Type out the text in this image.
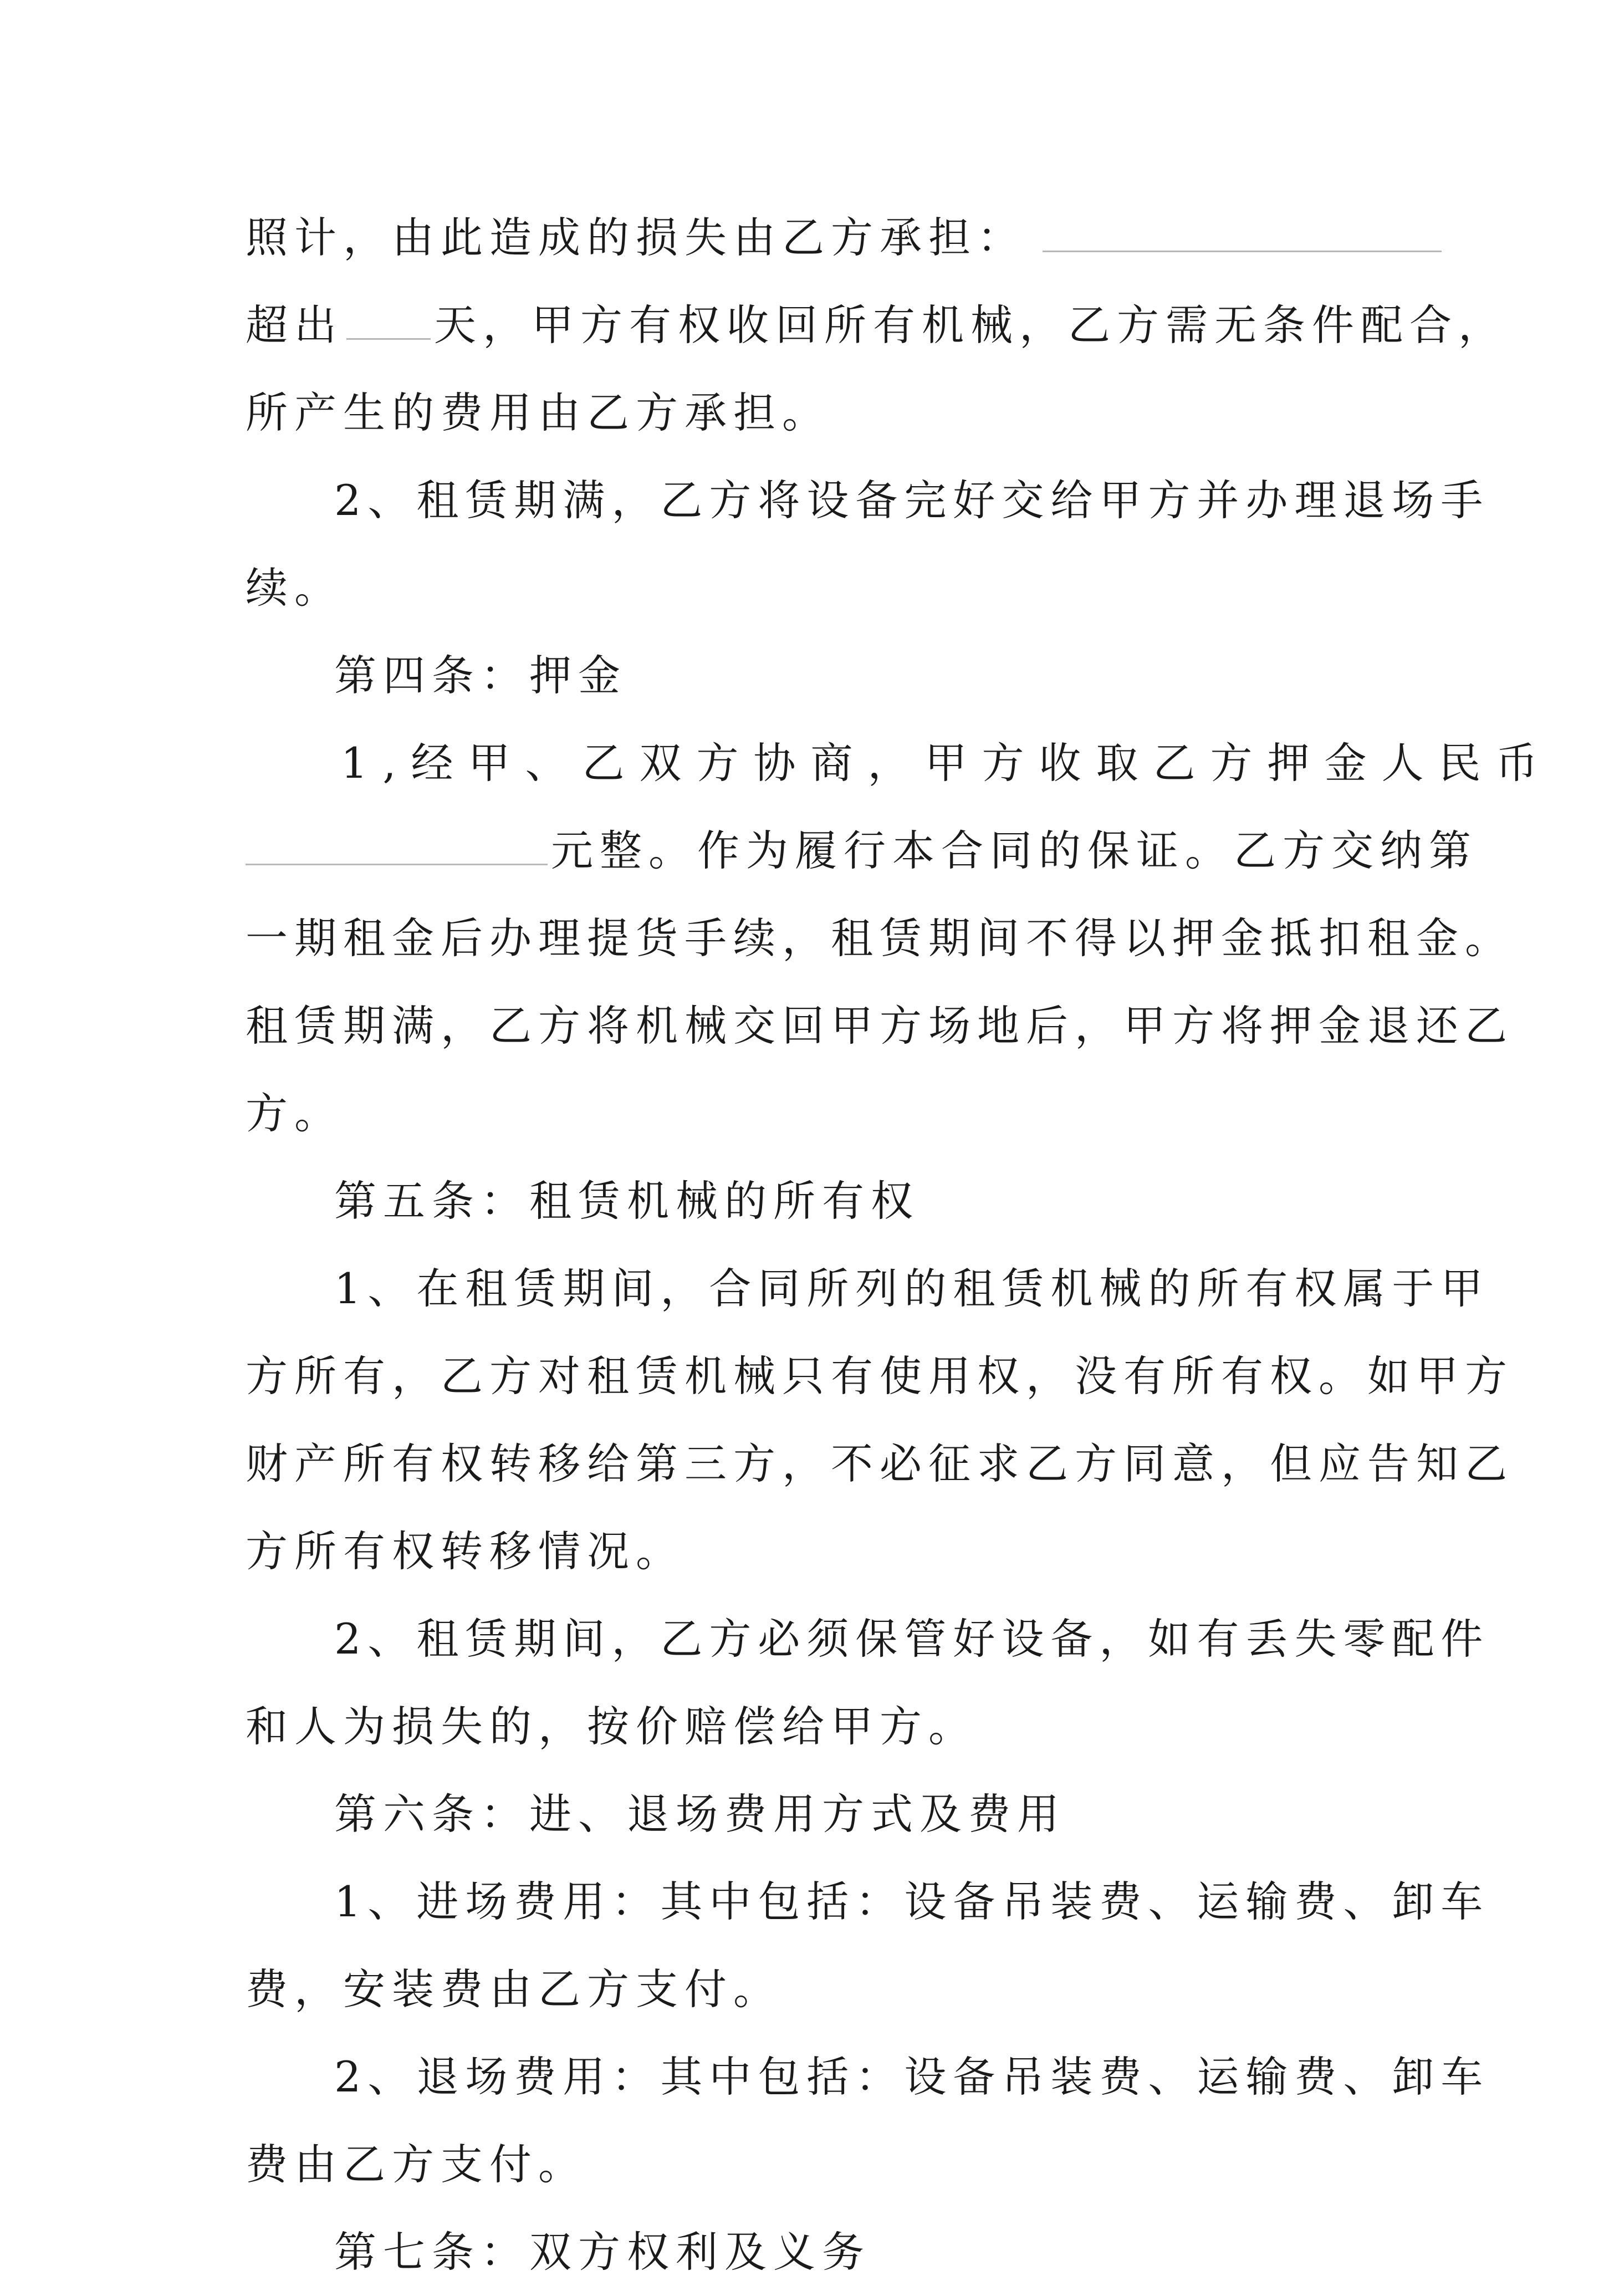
照计，由此造成的损失由乙方承担：
超出 天，甲方有权收回所有机械，乙方需无条件配合，
所产生的费用由乙方承担。
2、租赁期满，乙方将设备完好交给甲方并办理退场手
续。
第四条：押金
1,经甲、乙双方协商，甲方收取乙方押金人民币
元整。作为履行本合同的保证。乙方交纳第
一期租金后办理提货手续，租赁期间不得以押金抵扣租金。
租赁期满，乙方将机械交回甲方场地后，甲方将押金退还乙
方。
第五条：租赁机械的所有权
1、在租赁期间，合同所列的租赁机械的所有权属于甲
方所有，乙方对租赁机械只有使用权，没有所有权。如甲方
财产所有权转移给第三方，不必征求乙方同意，但应告知乙
方所有权转移情况。
2、租赁期间，乙方必须保管好设备，如有丢失零配件
和人为损失的，按价赔偿给甲方。
第六条：进、退场费用方式及费用
1、进场费用：其中包括：设备吊装费、运输费、卸车
费，安装费由乙方支付。
2、退场费用：其中包括：设备吊装费、运输费、卸车
费由乙方支付。
第七条：双方权利及义务
